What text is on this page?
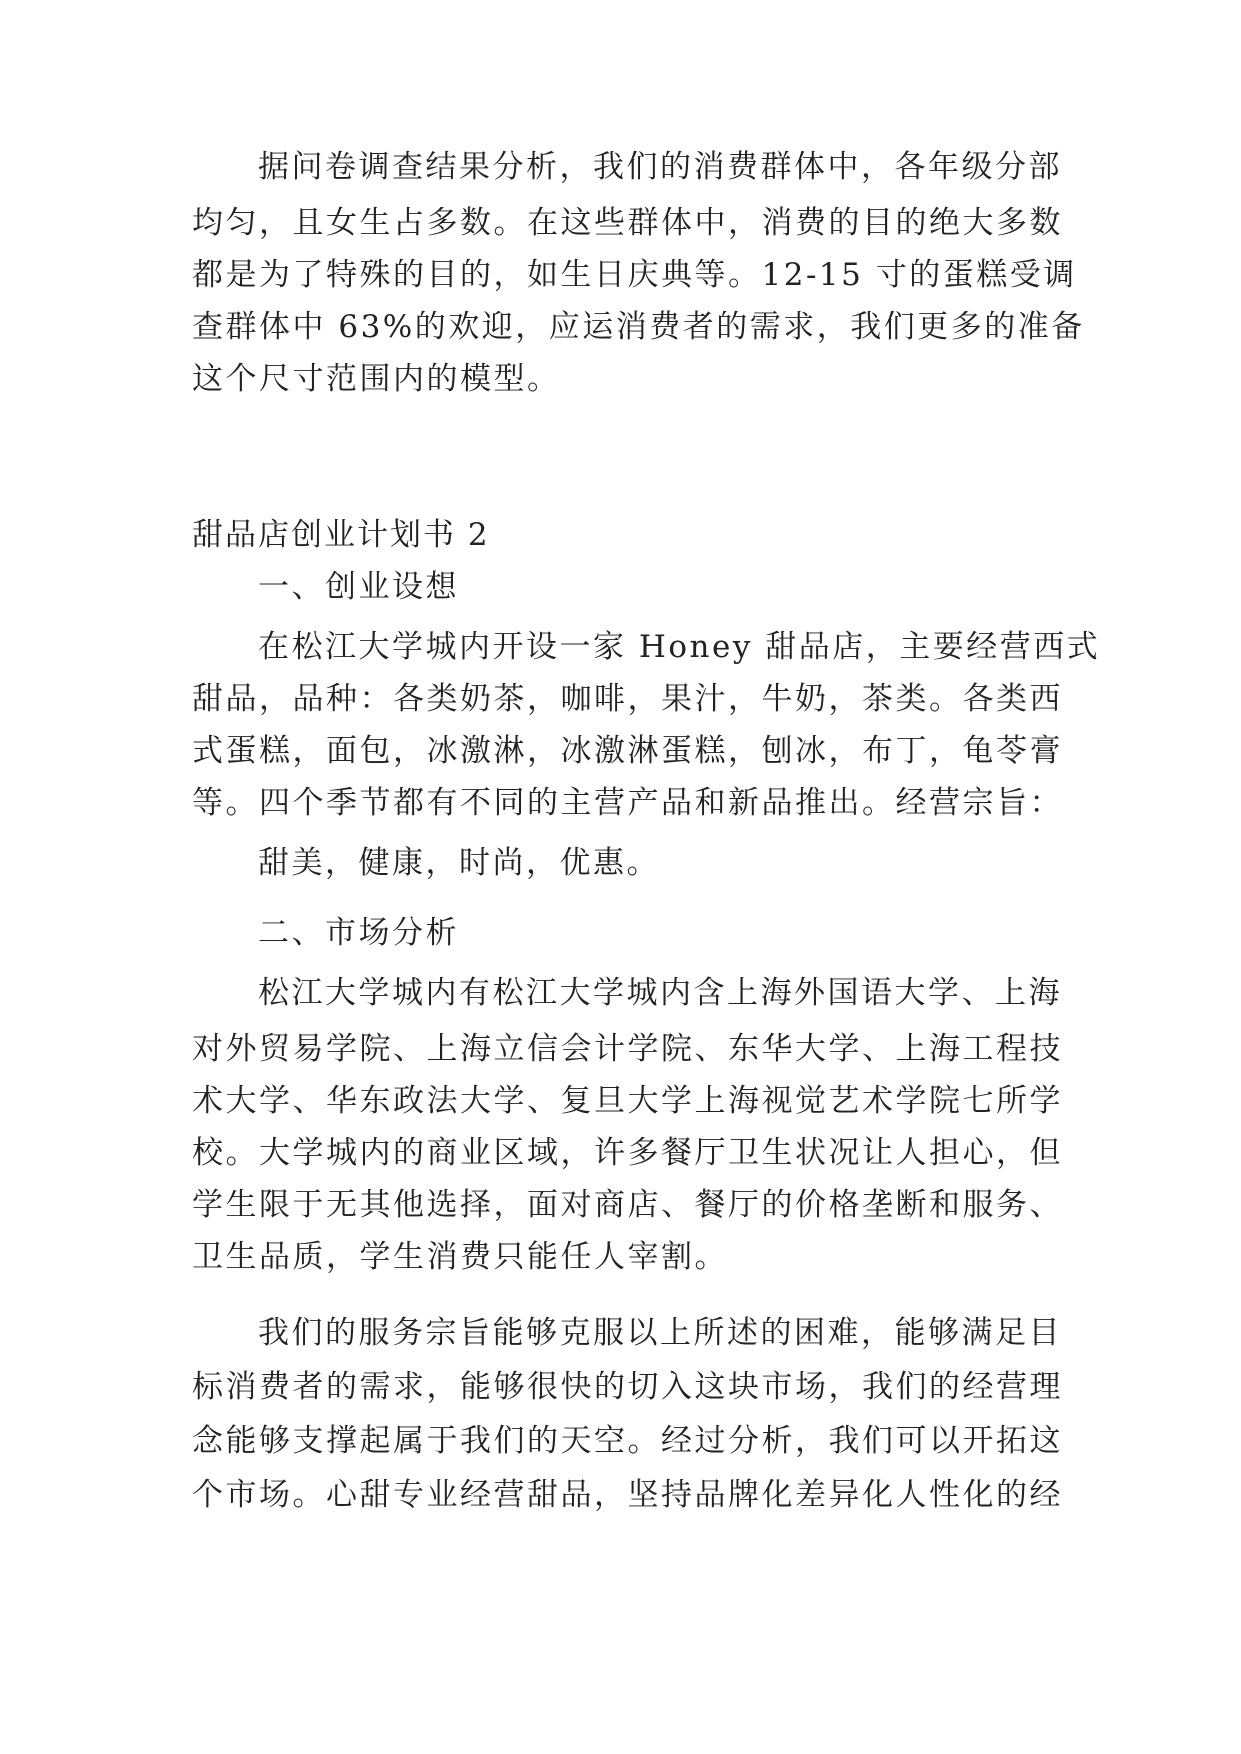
据问卷调查结果分析，我们的消费群体中，各年级分部
均匀，且女生占多数。在这些群体中，消费的目的绝大多数
都是为了特殊的目的，如生日庆典等。12-15 寸的蛋糕受调
查群体中 63%的欢迎，应运消费者的需求，我们更多的准备
这个尺寸范围内的模型。
甜品店创业计划书 2
一、创业设想
在松江大学城内开设一家 Honey 甜品店，主要经营西式
甜品，品种：各类奶茶，咖啡，果汁，牛奶，茶类。各类西
式蛋糕，面包，冰激淋，冰激淋蛋糕，刨冰，布丁，龟苓膏
等。四个季节都有不同的主营产品和新品推出。经营宗旨：
甜美，健康，时尚，优惠。
二、市场分析
松江大学城内有松江大学城内含上海外国语大学、上海
对外贸易学院、上海立信会计学院、东华大学、上海工程技
术大学、华东政法大学、复旦大学上海视觉艺术学院七所学
校。大学城内的商业区域，许多餐厅卫生状况让人担心，但
学生限于无其他选择，面对商店、餐厅的价格垄断和服务、
卫生品质，学生消费只能任人宰割。
我们的服务宗旨能够克服以上所述的困难，能够满足目
标消费者的需求，能够很快的切入这块市场，我们的经营理
念能够支撑起属于我们的天空。经过分析，我们可以开拓这
个市场。心甜专业经营甜品，坚持品牌化差异化人性化的经
